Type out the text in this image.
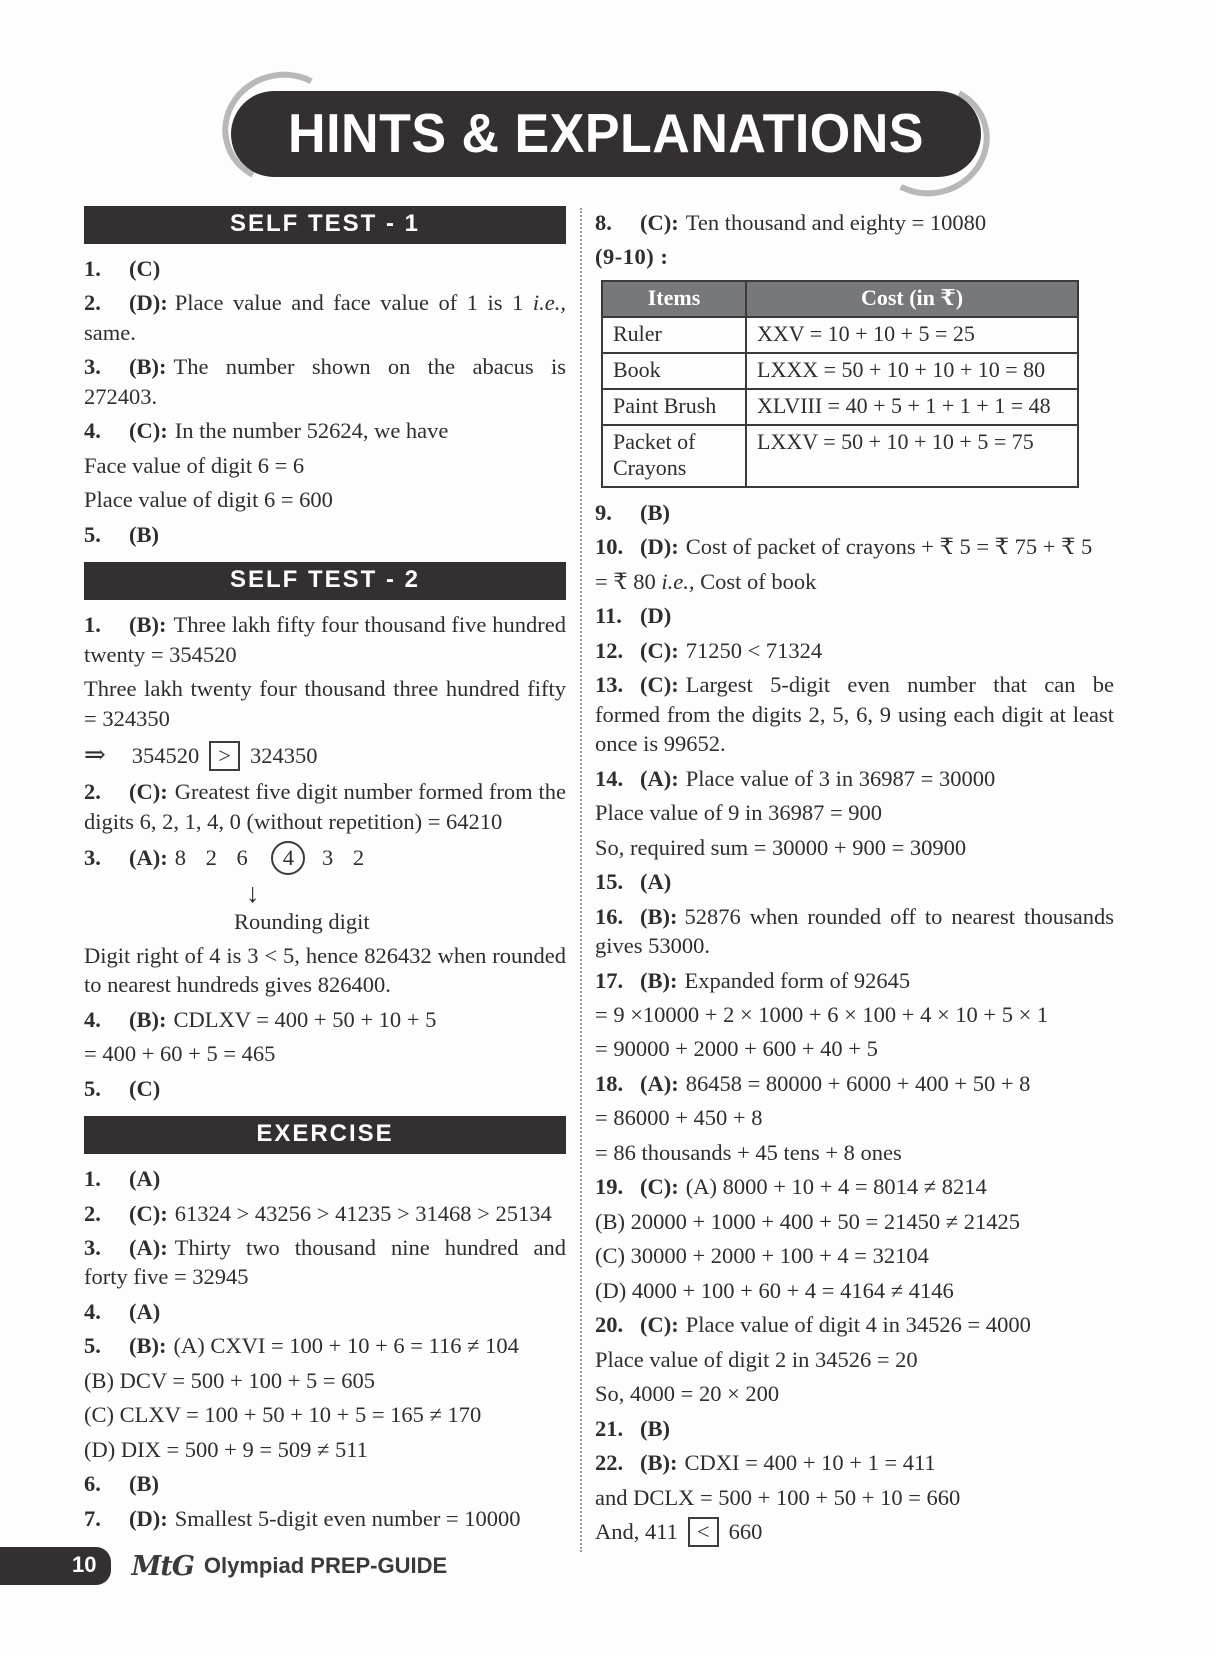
HINTS & EXPLANATIONS
SELF TEST - 1

1. (C)

2. (D): Place value and face value of 1 is 1 i.e., same.

3. (B): The number shown on the abacus is 272403.

4. (C): In the number 52624, we have

Face value of digit 6 = 6

Place value of digit 6 = 600

5. (B)

SELF TEST - 2

1. (B): Three lakh fifty four thousand five hundred twenty = 354520

Three lakh twenty four thousand three hundred fifty = 324350

⇒ 354520 > 324350

2. (C): Greatest five digit number formed from the digits 6, 2, 1, 4, 0 (without repetition) = 64210

3. (A): 8 2 6 4 3 2

↓
Rounding digit

Digit right of 4 is 3 < 5, hence 826432 when rounded to nearest hundreds gives 826400.

4. (B): CDLXV = 400 + 50 + 10 + 5

= 400 + 60 + 5 = 465

5. (C)

EXERCISE

1. (A)

2. (C): 61324 > 43256 > 41235 > 31468 > 25134

3. (A): Thirty two thousand nine hundred and forty five = 32945

4. (A)

5. (B): (A) CXVI = 100 + 10 + 6 = 116 ≠ 104

(B) DCV = 500 + 100 + 5 = 605

(C) CLXV = 100 + 50 + 10 + 5 = 165 ≠ 170

(D) DIX = 500 + 9 = 509 ≠ 511

6. (B)

7. (D): Smallest 5-digit even number = 10000

8. (C): Ten thousand and eighty = 10080

(9-10) :

Items	Cost (in ₹)
Ruler	XXV = 10 + 10 + 5 = 25
Book	LXXX = 50 + 10 + 10 + 10 = 80
Paint Brush	XLVIII = 40 + 5 + 1 + 1 + 1 = 48
Packet of Crayons	LXXV = 50 + 10 + 10 + 5 = 75

9. (B)

10. (D): Cost of packet of crayons + ₹ 5 = ₹ 75 + ₹ 5

= ₹ 80 i.e., Cost of book

11. (D)

12. (C): 71250 < 71324

13. (C): Largest 5-digit even number that can be formed from the digits 2, 5, 6, 9 using each digit at least once is 99652.

14. (A): Place value of 3 in 36987 = 30000

Place value of 9 in 36987 = 900

So, required sum = 30000 + 900 = 30900

15. (A)

16. (B): 52876 when rounded off to nearest thousands gives 53000.

17. (B): Expanded form of 92645

= 9 ×10000 + 2 × 1000 + 6 × 100 + 4 × 10 + 5 × 1

= 90000 + 2000 + 600 + 40 + 5

18. (A): 86458 = 80000 + 6000 + 400 + 50 + 8

= 86000 + 450 + 8

= 86 thousands + 45 tens + 8 ones

19. (C): (A) 8000 + 10 + 4 = 8014 ≠ 8214

(B) 20000 + 1000 + 400 + 50 = 21450 ≠ 21425

(C) 30000 + 2000 + 100 + 4 = 32104

(D) 4000 + 100 + 60 + 4 = 4164 ≠ 4146

20. (C): Place value of digit 4 in 34526 = 4000

Place value of digit 2 in 34526 = 20

So, 4000 = 20 × 200

21. (B)

22. (B): CDXI = 400 + 10 + 1 = 411

and DCLX = 500 + 100 + 50 + 10 = 660

And, 411 < 660

10	MtG Olympiad PREP-GUIDE
